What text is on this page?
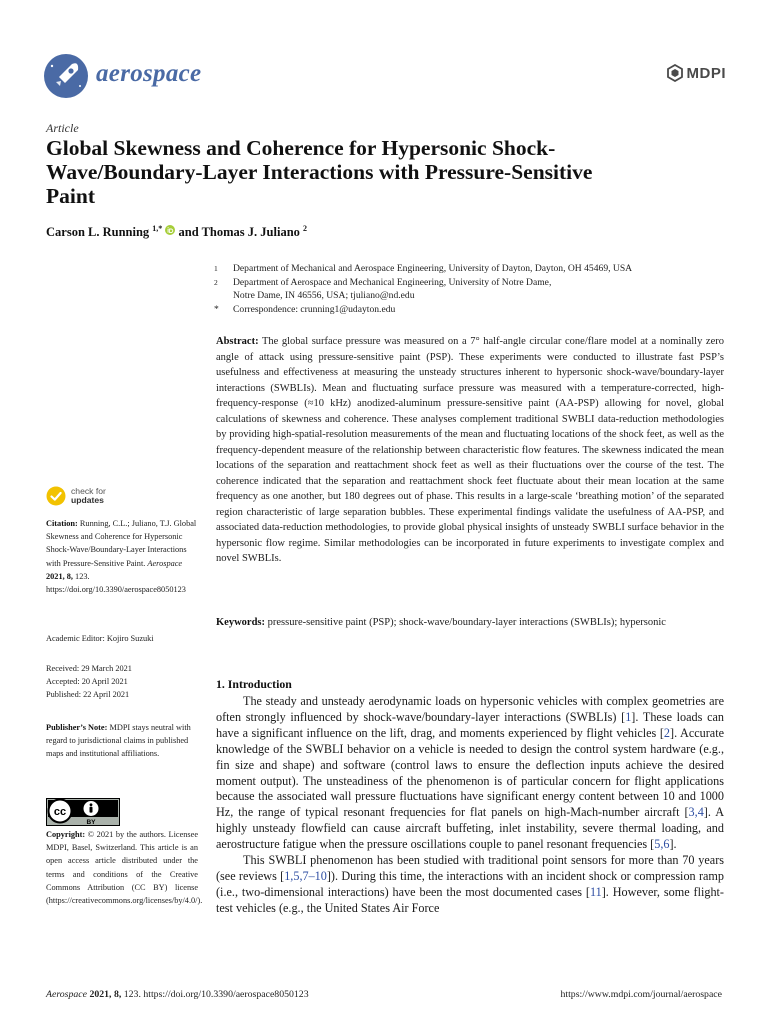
aerospace	MDPI
Article
Global Skewness and Coherence for Hypersonic Shock-Wave/Boundary-Layer Interactions with Pressure-Sensitive Paint
Carson L. Running $^{1,*}$ and Thomas J. Juliano $^2$
1	Department of Mechanical and Aerospace Engineering, University of Dayton, Dayton, OH 45469, USA
2	Department of Aerospace and Mechanical Engineering, University of Notre Dame,
Notre Dame, IN 46556, USA; tjuliano@nd.edu
*	Correspondence: crunning1@udayton.edu
Abstract: The global surface pressure was measured on a 7° half-angle circular cone/flare model at a nominally zero angle of attack using pressure-sensitive paint (PSP). These experiments were conducted to illustrate fast PSP’s usefulness and effectiveness at measuring the unsteady structures inherent to hypersonic shock-wave/boundary-layer interactions (SWBLIs). Mean and fluctuating surface pressure was measured with a temperature-corrected, high-frequency-response (≈10 kHz) anodized-aluminum pressure-sensitive paint (AA-PSP) allowing for novel, global calculations of skewness and coherence. These analyses complement traditional SWBLI data-reduction methodologies by providing high-spatial-resolution measurements of the mean and fluctuating locations of the shock feet, as well as the frequency-dependent measure of the relationship between characteristic flow features. The skewness indicated the mean locations of the separation and reattachment shock feet as well as their fluctuations over the course of the test. The coherence indicated that the separation and reattachment shock feet fluctuate about their mean location at the same frequency as one another, but 180 degrees out of phase. This results in a large-scale ‘breathing motion’ of the separated region characteristic of large separation bubbles. These experimental findings validate the usefulness of AA-PSP, and associated data-reduction methodologies, to provide global physical insights of unsteady SWBLI surface behavior in the hypersonic flow regime. Similar methodologies can be incorporated in future experiments to investigate complex and novel SWBLIs.
Keywords: pressure-sensitive paint (PSP); shock-wave/boundary-layer interactions (SWBLIs); hypersonic
check for
updates
Citation: Running, C.L.; Juliano, T.J. Global Skewness and Coherence for Hypersonic Shock-Wave/Boundary-Layer Interactions with Pressure-Sensitive Paint. Aerospace 2021, 8, 123. https://doi.org/10.3390/aerospace8050123
Academic Editor: Kojiro Suzuki
Received: 29 March 2021
Accepted: 20 April 2021
Published: 22 April 2021
Publisher’s Note: MDPI stays neutral with regard to jurisdictional claims in published maps and institutional affiliations.
cc
BY
Copyright: © 2021 by the authors. Licensee MDPI, Basel, Switzerland. This article is an open access article distributed under the terms and conditions of the Creative Commons Attribution (CC BY) license (https://creativecommons.org/licenses/by/4.0/).
1. Introduction

The steady and unsteady aerodynamic loads on hypersonic vehicles with complex geometries are often strongly influenced by shock-wave/boundary-layer interactions (SWBLIs) [1]. These loads can have a significant influence on the lift, drag, and moments experienced by flight vehicles [2]. Accurate knowledge of the SWBLI behavior on a vehicle is needed to design the control system hardware (e.g., fin size and shape) and software (control laws to ensure the deflection inputs achieve the desired moment output). The unsteadiness of the phenomenon is of particular concern for flight applications because the associated wall pressure fluctuations have significant energy content between 10 and 1000 Hz, the range of typical resonant frequencies for flat panels on high-Mach-number aircraft [3,4]. A highly unsteady flowfield can cause aircraft buffeting, inlet instability, severe thermal loading, and aerostructure fatigue when the pressure oscillations couple to panel resonant frequencies [5,6].

This SWBLI phenomenon has been studied with traditional point sensors for more than 70 years (see reviews [1,5,7–10]). During this time, the interactions with an incident shock or compression ramp (i.e., two-dimensional interactions) have been the most documented cases [11]. However, some flight-test vehicles (e.g., the United States Air Force

Aerospace 2021, 8, 123. https://doi.org/10.3390/aerospace8050123	https://www.mdpi.com/journal/aerospace
